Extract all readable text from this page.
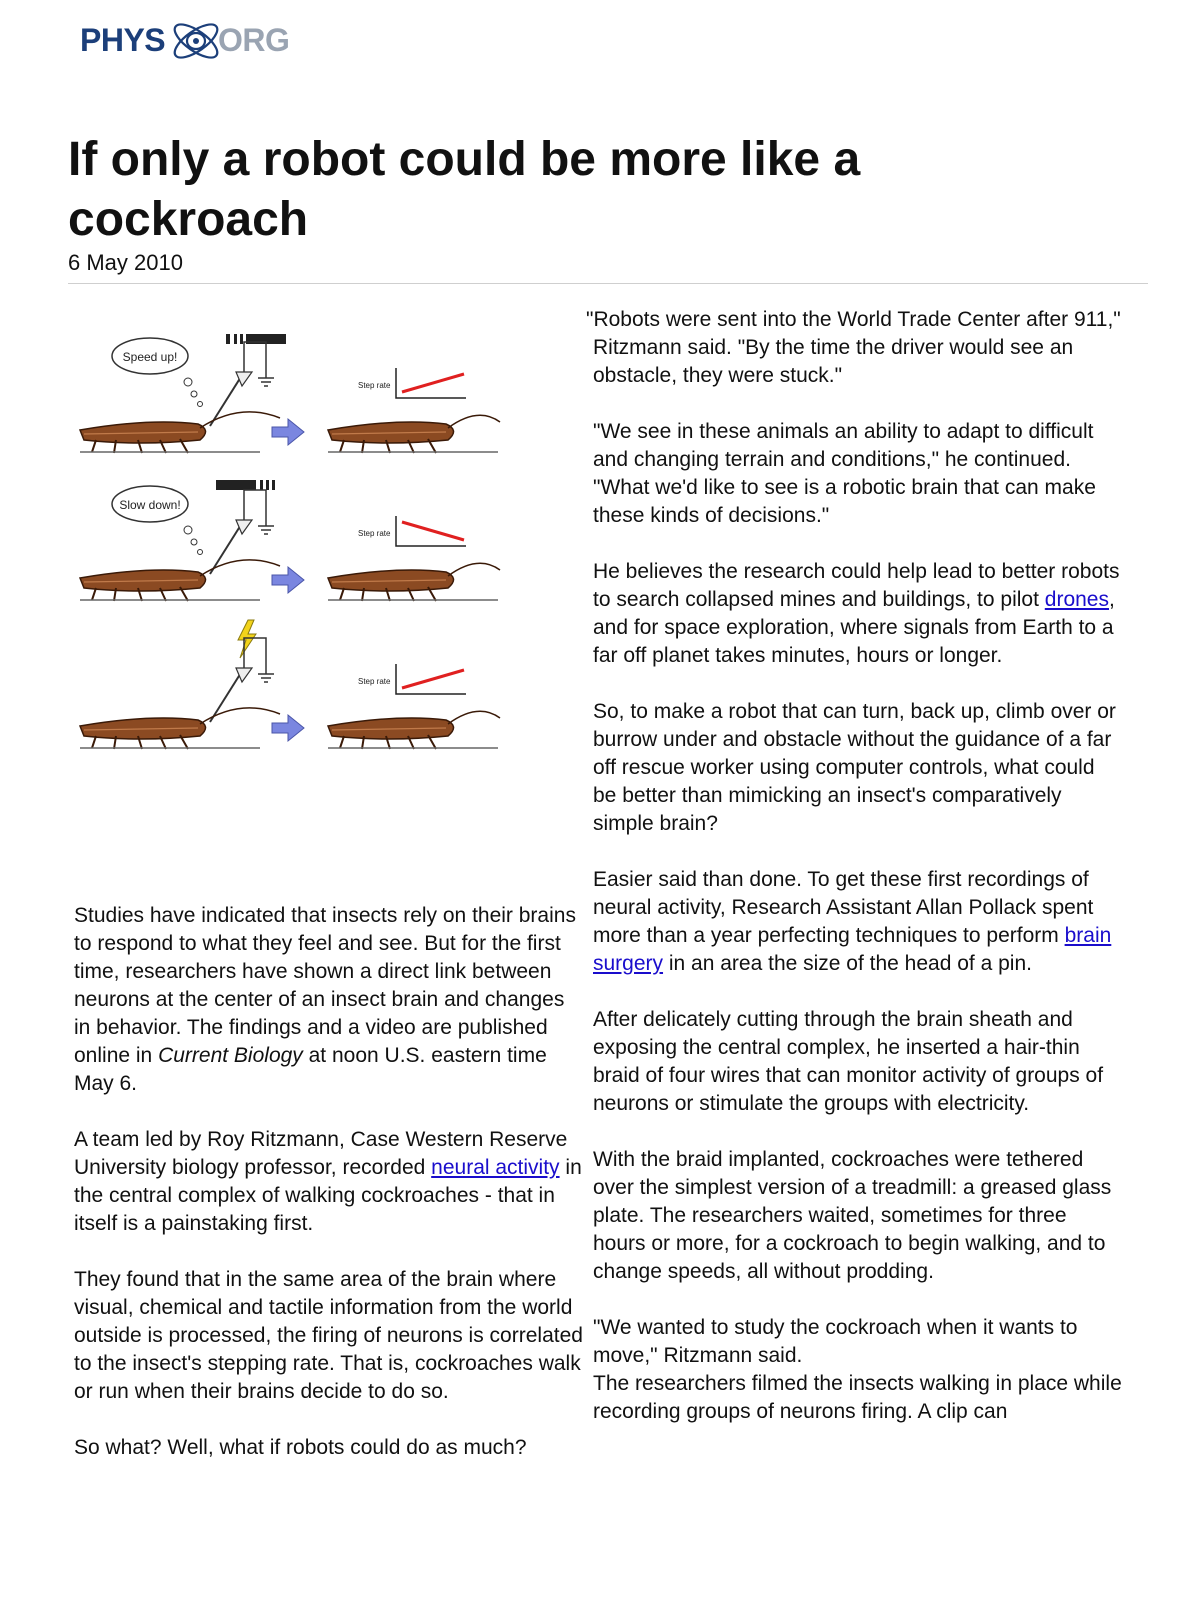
PHYS ORG
If only a robot could be more like a cockroach
6 May 2010
Speed up!
Step rate
Slow down!
Step rate
Step rate

Studies have indicated that insects rely on their brains to respond to what they feel and see. But for the first time, researchers have shown a direct link between neurons at the center of an insect brain and changes in behavior. The findings and a video are published online in Current Biology at noon U.S. eastern time May 6.

A team led by Roy Ritzmann, Case Western Reserve University biology professor, recorded neural activity in the central complex of walking cockroaches - that in itself is a painstaking first.

They found that in the same area of the brain where visual, chemical and tactile information from the world outside is processed, the firing of neurons is correlated to the insect's stepping rate. That is, cockroaches walk or run when their brains decide to do so.

So what? Well, what if robots could do as much?

"Robots were sent into the World Trade Center after 911," Ritzmann said. "By the time the driver would see an obstacle, they were stuck."

"We see in these animals an ability to adapt to difficult and changing terrain and conditions," he continued. "What we'd like to see is a robotic brain that can make these kinds of decisions."

He believes the research could help lead to better robots to search collapsed mines and buildings, to pilot drones, and for space exploration, where signals from Earth to a far off planet takes minutes, hours or longer.

So, to make a robot that can turn, back up, climb over or burrow under and obstacle without the guidance of a far off rescue worker using computer controls, what could be better than mimicking an insect's comparatively simple brain?

Easier said than done. To get these first recordings of neural activity, Research Assistant Allan Pollack spent more than a year perfecting techniques to perform brain surgery in an area the size of the head of a pin.

After delicately cutting through the brain sheath and exposing the central complex, he inserted a hair-thin braid of four wires that can monitor activity of groups of neurons or stimulate the groups with electricity.

With the braid implanted, cockroaches were tethered over the simplest version of a treadmill: a greased glass plate. The researchers waited, sometimes for three hours or more, for a cockroach to begin walking, and to change speeds, all without prodding.

"We wanted to study the cockroach when it wants to move," Ritzmann said.

The researchers filmed the insects walking in place while recording groups of neurons firing. A clip can
